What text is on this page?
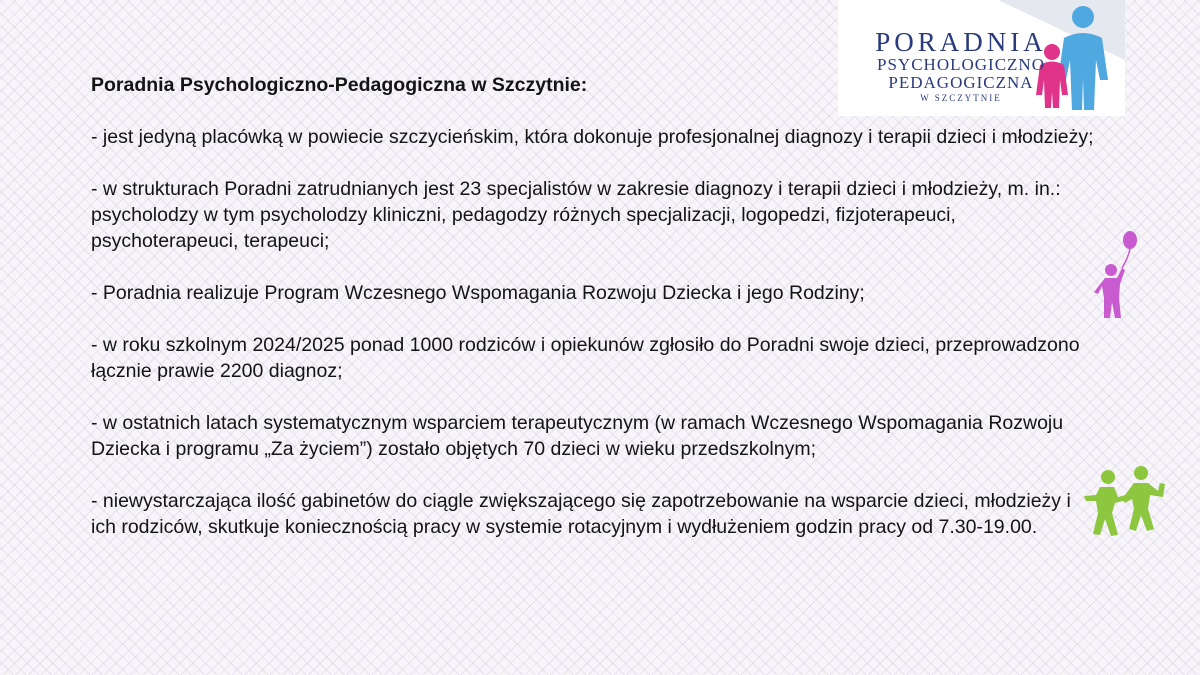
PORADNIA
PSYCHOLOGICZNO
PEDAGOGICZNA
W SZCZYTNIE

Poradnia Psychologiczno-Pedagogiczna w Szczytnie:

- jest jedyną placówką w powiecie szczycieńskim, która dokonuje profesjonalnej diagnozy i terapii dzieci i młodzieży;

- w strukturach Poradni zatrudnianych jest 23 specjalistów w zakresie diagnozy i terapii dzieci i młodzieży, m. in.: psycholodzy w tym psycholodzy kliniczni, pedagodzy różnych specjalizacji, logopedzi, fizjoterapeuci, psychoterapeuci, terapeuci;

- Poradnia realizuje Program Wczesnego Wspomagania Rozwoju Dziecka i jego Rodziny;

- w roku szkolnym 2024/2025 ponad 1000 rodziców i opiekunów zgłosiło do Poradni swoje dzieci, przeprowadzono łącznie prawie 2200 diagnoz;

- w ostatnich latach systematycznym wsparciem terapeutycznym (w ramach Wczesnego Wspomagania Rozwoju Dziecka i programu „Za życiem”) zostało objętych 70 dzieci w wieku przedszkolnym;

- niewystarczająca ilość gabinetów do ciągle zwiększającego się zapotrzebowanie na wsparcie dzieci, młodzieży i ich rodziców, skutkuje koniecznością pracy w systemie rotacyjnym i wydłużeniem godzin pracy od 7.30-19.00.
